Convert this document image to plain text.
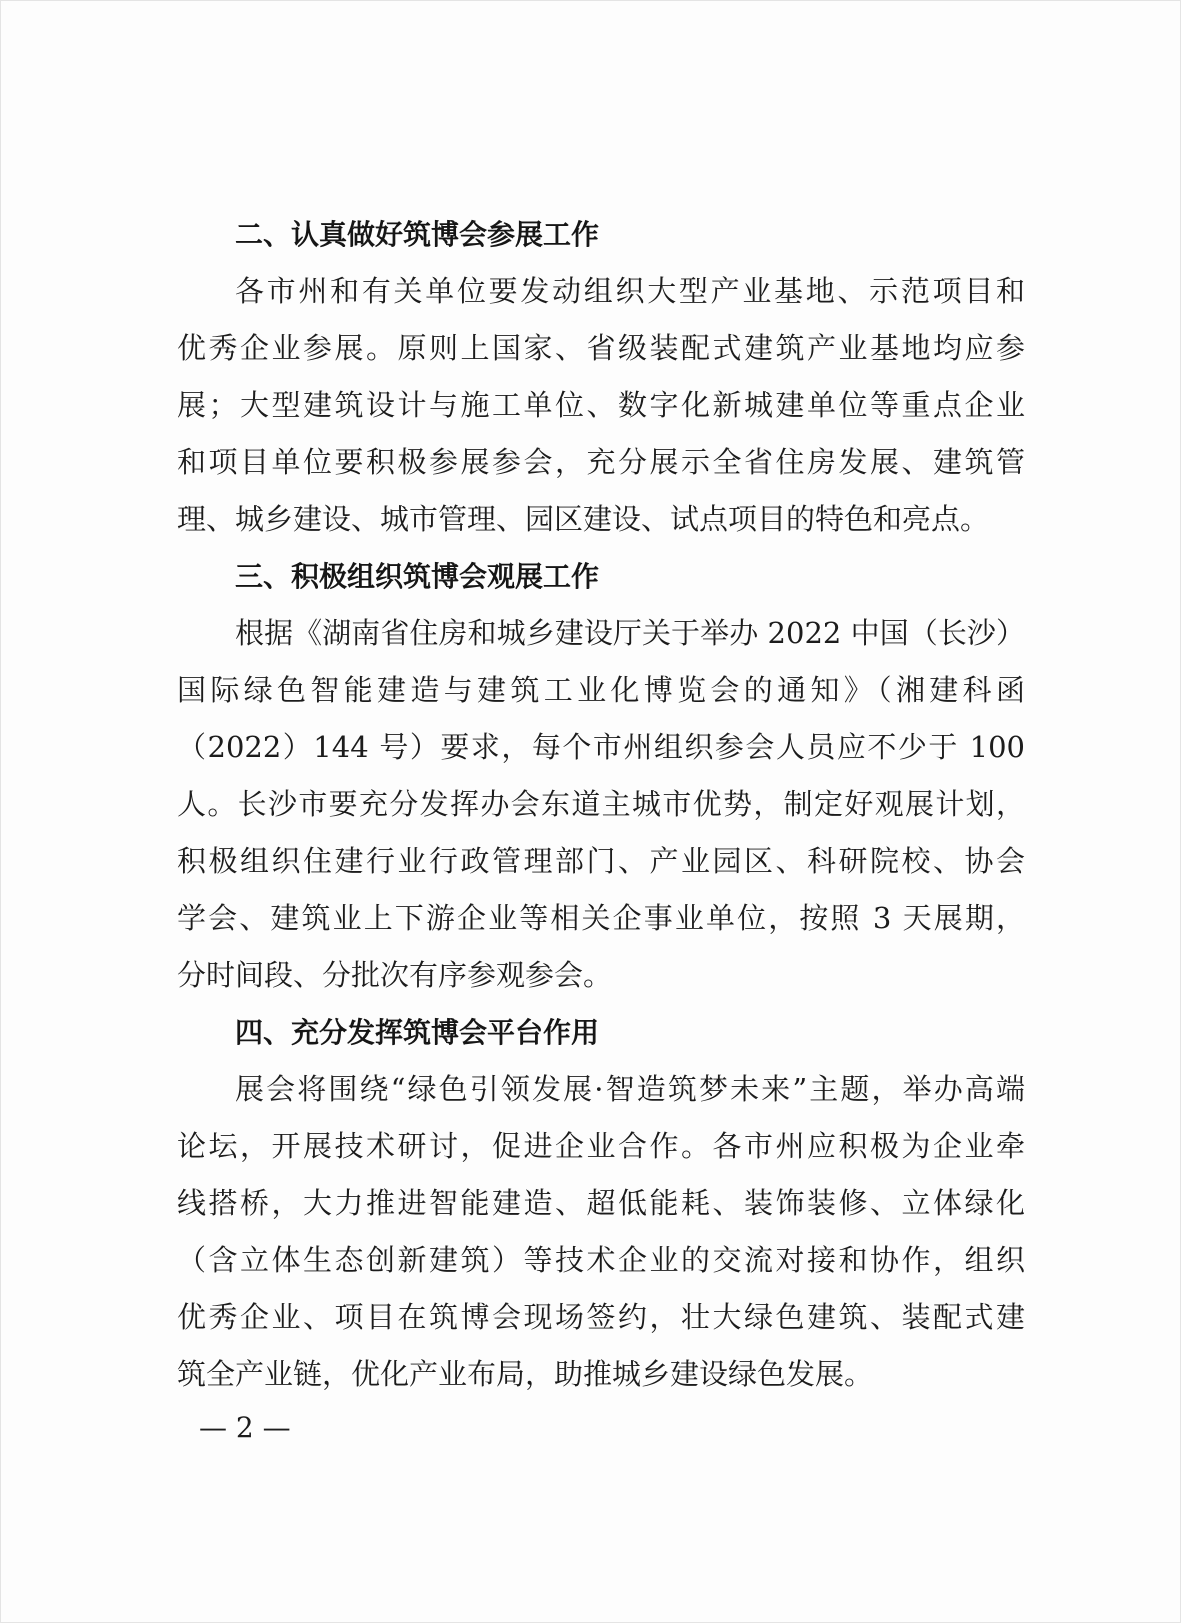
二、认真做好筑博会参展工作

各市州和有关单位要发动组织大型产业基地、示范项目和
优秀企业参展。原则上国家、省级装配式建筑产业基地均应参
展；大型建筑设计与施工单位、数字化新城建单位等重点企业
和项目单位要积极参展参会，充分展示全省住房发展、建筑管
理、城乡建设、城市管理、园区建设、试点项目的特色和亮点。

三、积极组织筑博会观展工作

根据《湖南省住房和城乡建设厅关于举办 2022 中国（长沙）
国际绿色智能建造与建筑工业化博览会的通知》（湘建科函
（2022）144 号）要求，每个市州组织参会人员应不少于 100
人。长沙市要充分发挥办会东道主城市优势，制定好观展计划，
积极组织住建行业行政管理部门、产业园区、科研院校、协会
学会、建筑业上下游企业等相关企事业单位，按照 3 天展期，
分时间段、分批次有序参观参会。

四、充分发挥筑博会平台作用

展会将围绕“绿色引领发展·智造筑梦未来”主题，举办高端
论坛，开展技术研讨，促进企业合作。各市州应积极为企业牵
线搭桥，大力推进智能建造、超低能耗、装饰装修、立体绿化
（含立体生态创新建筑）等技术企业的交流对接和协作，组织
优秀企业、项目在筑博会现场签约，壮大绿色建筑、装配式建
筑全产业链，优化产业布局，助推城乡建设绿色发展。

— 2 —
